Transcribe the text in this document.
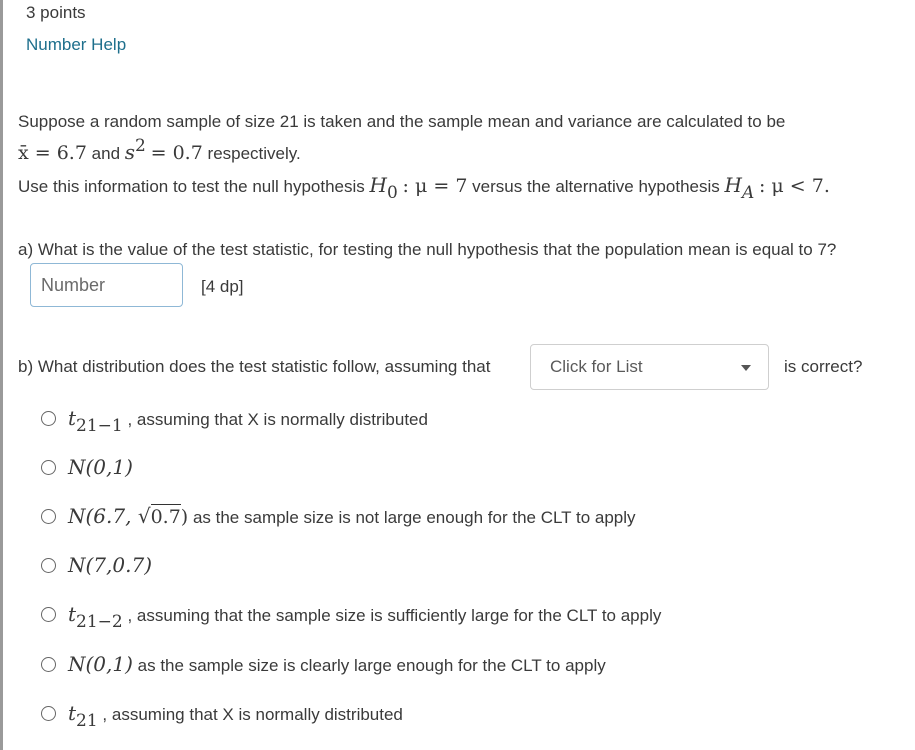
3 points
Number Help
Suppose a random sample of size 21 is taken and the sample mean and variance are calculated to be
x̄ = 6.7 and s2 = 0.7 respectively.
Use this information to test the null hypothesis H0 : μ = 7 versus the alternative hypothesis HA : μ < 7.
a) What is the value of the test statistic, for testing the null hypothesis that the population mean is equal to 7?
Number
[4 dp]
b) What distribution does the test statistic follow, assuming that	Click for List	is correct?
t21−1 , assuming that X is normally distributed
N(0,1)
N(6.7, √0.7) as the sample size is not large enough for the CLT to apply
N(7,0.7)
t21−2 , assuming that the sample size is sufficiently large for the CLT to apply
N(0,1) as the sample size is clearly large enough for the CLT to apply
t21 , assuming that X is normally distributed
